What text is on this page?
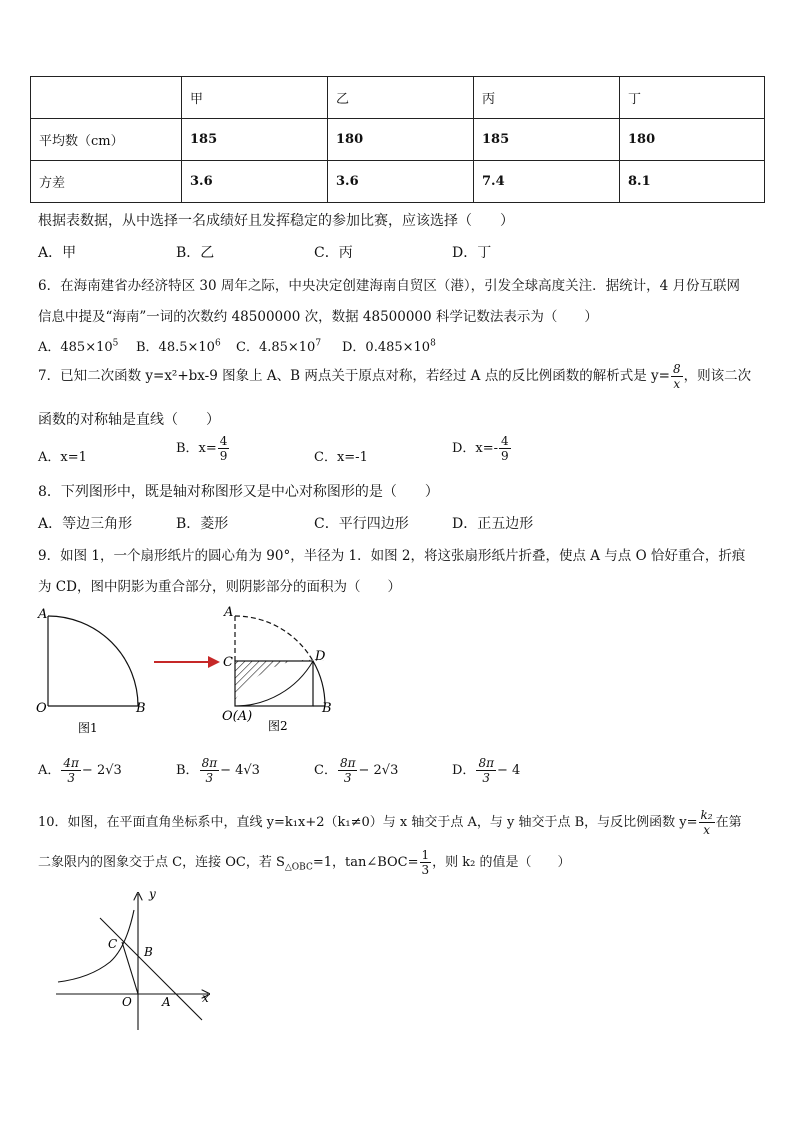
	甲	乙	丙	丁
平均数（cm）	185	180	185	180
方差	3.6	3.6	7.4	8.1
根据表数据，从中选择一名成绩好且发挥稳定的参加比赛，应该选择（　　）
A．甲	B．乙	C．丙	D．丁
6．在海南建省办经济特区 30 周年之际，中央决定创建海南自贸区（港），引发全球高度关注．据统计，4 月份互联网
信息中提及“海南”一词的次数约 48500000 次，数据 48500000 科学记数法表示为（　　）
A．$485\times 10^5$ B．$48.5\times 10^6$ C．$4.85\times 10^7$ D．$0.485\times 10^8$
7．已知二次函数 y=x²+bx-9 图象上 A、B 两点关于原点对称，若经过 A 点的反比例函数的解析式是 $y= \frac{8}{x}$ ，则该二次
函数的对称轴是直线（　　）
A．x=1
B．$x= \frac{4}{9}$	C．x=-1
D．$x=- \frac{4}{9}$
8．下列图形中，既是轴对称图形又是中心对称图形的是（　　）
A．等边三角形	B．菱形	C．平行四边形	D．正五边形
9．如图 1，一个扇形纸片的圆心角为 90°，半径为 1．如图 2，将这张扇形纸片折叠，使点 A 与点 O 恰好重合，折痕
为 CD，图中阴影为重合部分，则阴影部分的面积为（　　）
A
O	B
图1
A
C	D
O(A)
B
图2
A． $\frac{4\pi}{3} - 2√3$	B． $\frac{8\pi}{3} - 4√3$	C． $\frac{8\pi}{3} - 2√3$	D． $\frac{8\pi}{3} - 4$
10．如图，在平面直角坐标系中，直线 y=k₁x+2（k₁≠0）与 x 轴交于点 A，与 y 轴交于点 B，与反比例函数 $y= \frac{\text{k₂}}{x}$ 在第
二象限内的图象交于点 C，连接 OC，若 $S_{\triangle OBC}=1$，tan∠BOC= $\frac{1}{3}$ ，则 k₂ 的值是（　　）
y
x
C
B
O	A
